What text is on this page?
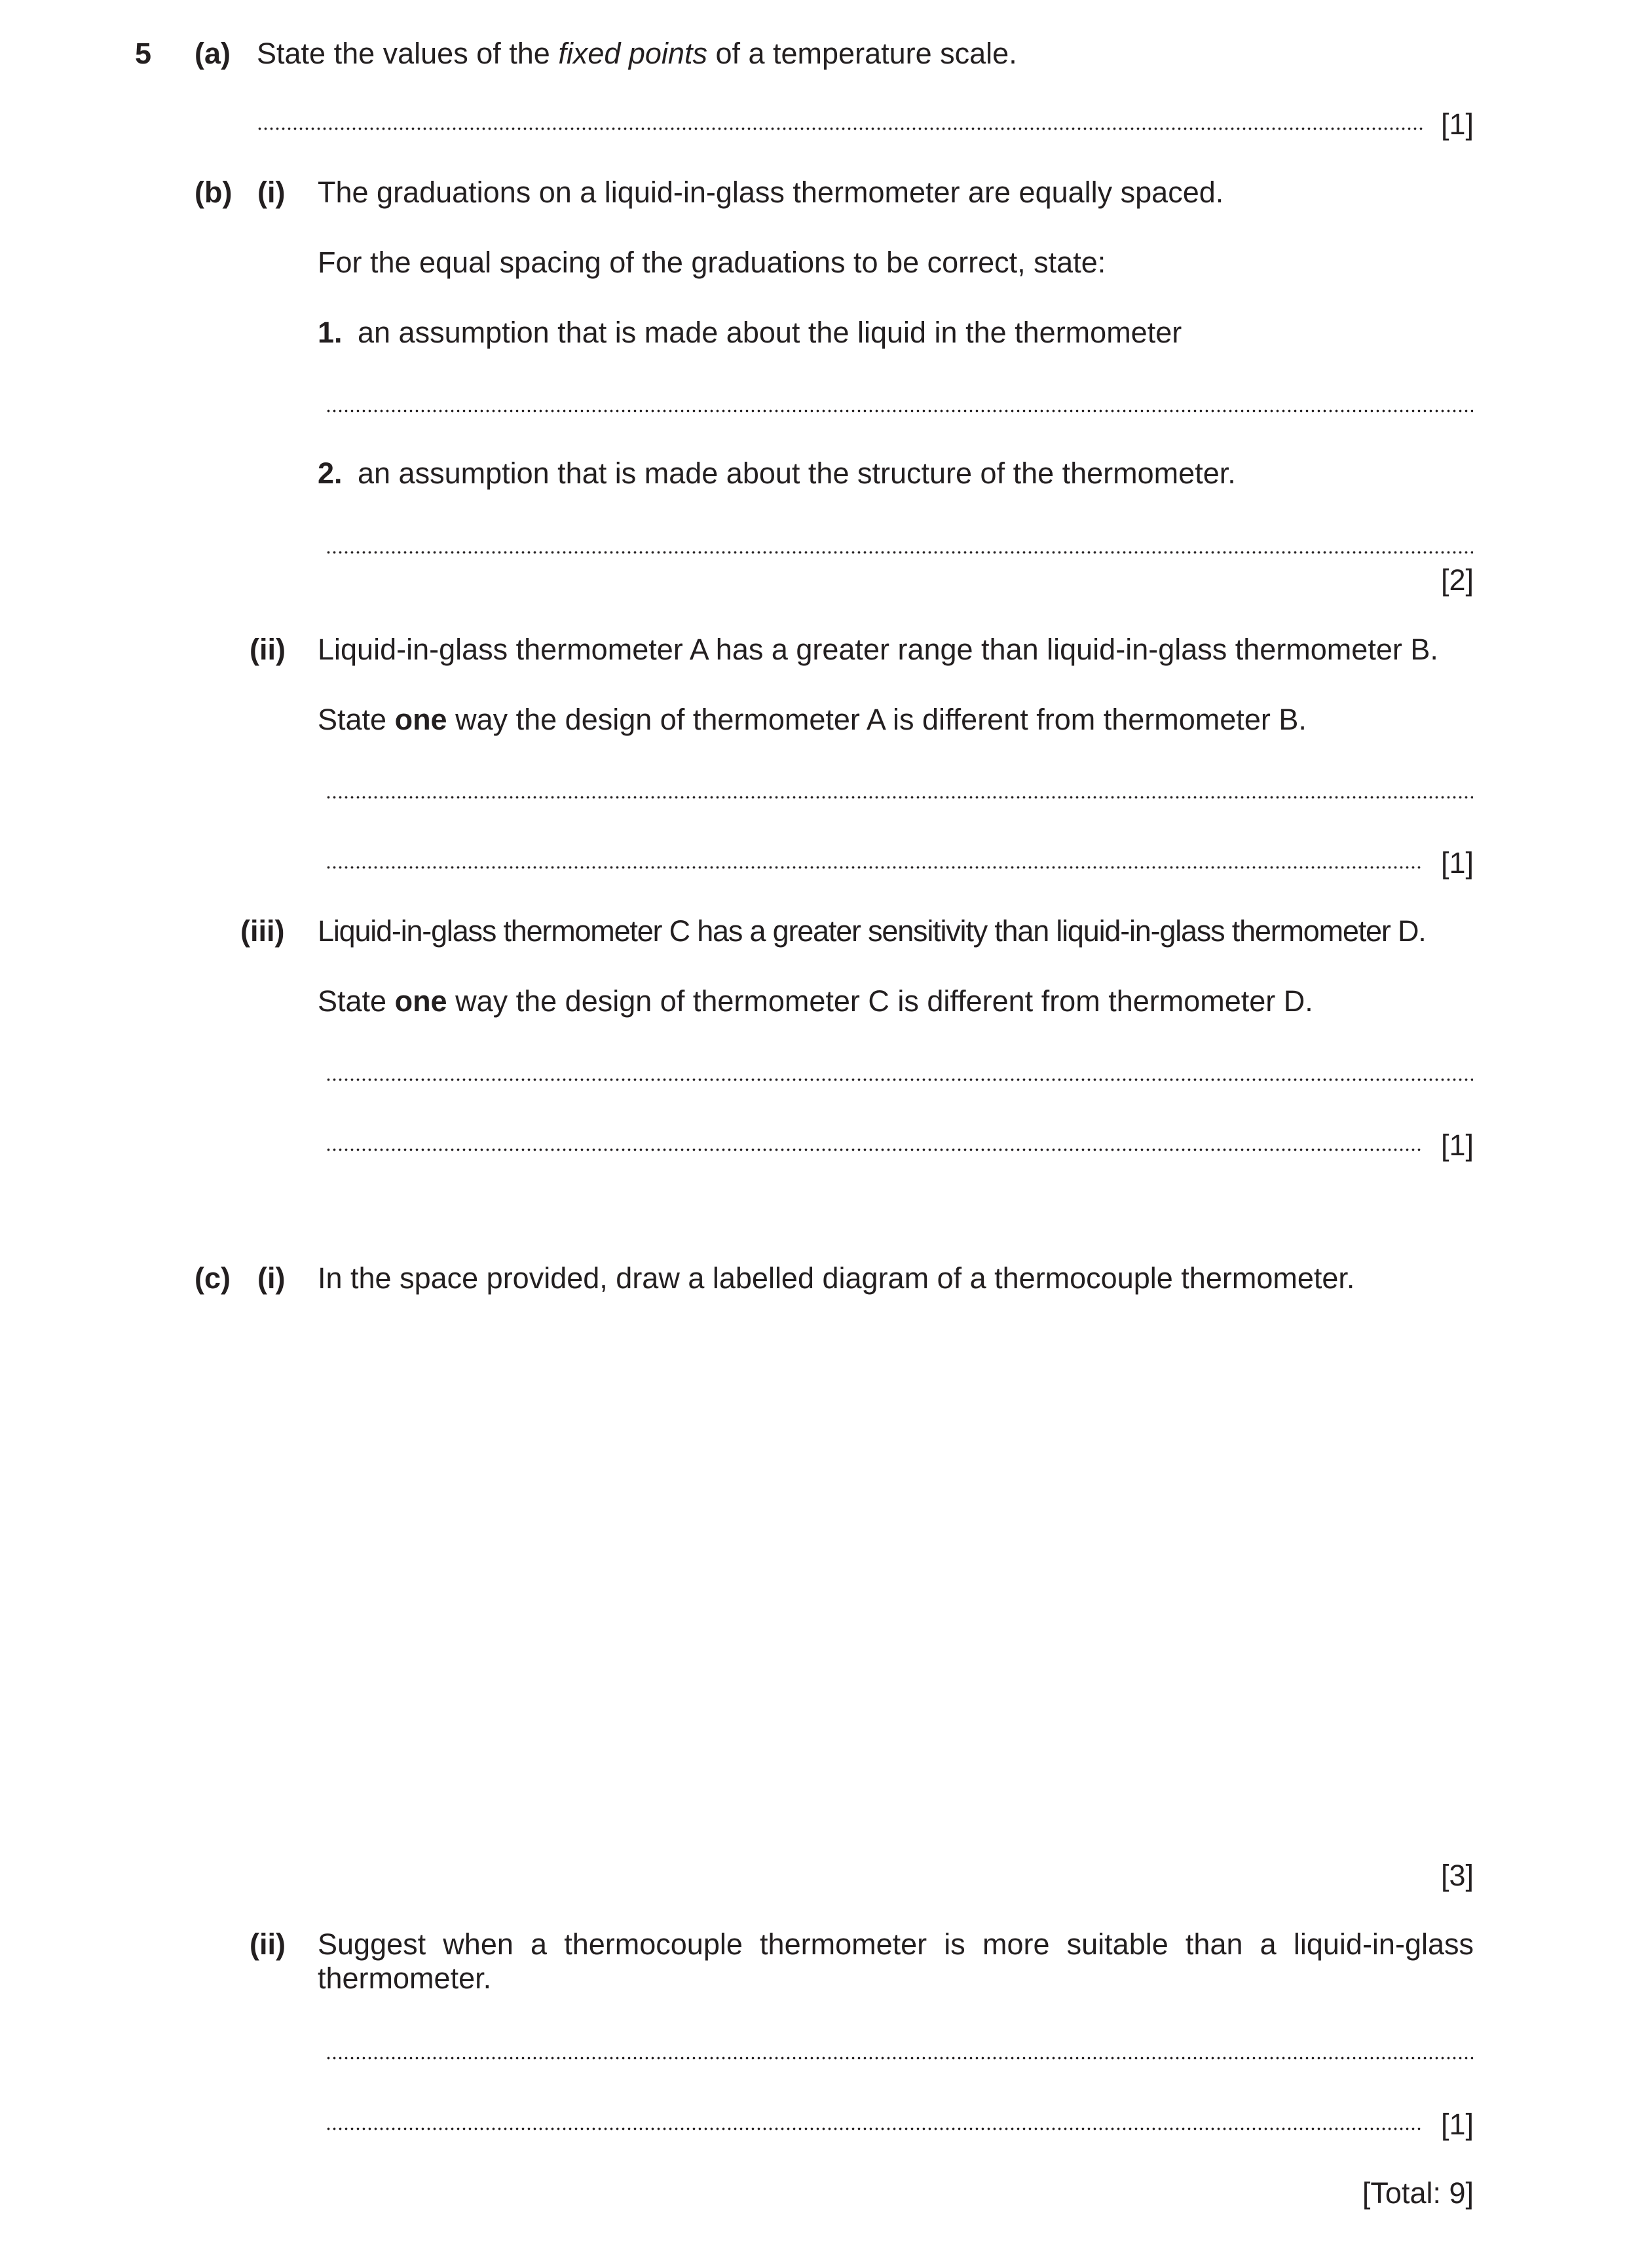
5 (a) State the values of the fixed points of a temperature scale.
[1]
(b) (i) The graduations on a liquid-in-glass thermometer are equally spaced.
For the equal spacing of the graduations to be correct, state:
1. an assumption that is made about the liquid in the thermometer
2. an assumption that is made about the structure of the thermometer.
[2]
(ii) Liquid-in-glass thermometer A has a greater range than liquid-in-glass thermometer B.
State one way the design of thermometer A is different from thermometer B.
[1]
(iii) Liquid-in-glass thermometer C has a greater sensitivity than liquid-in-glass thermometer D.
State one way the design of thermometer C is different from thermometer D.
[1]
(c) (i) In the space provided, draw a labelled diagram of a thermocouple thermometer.
[3]
(ii) Suggest when a thermocouple thermometer is more suitable than a liquid-in-glass
thermometer.
[1]
[Total: 9]
